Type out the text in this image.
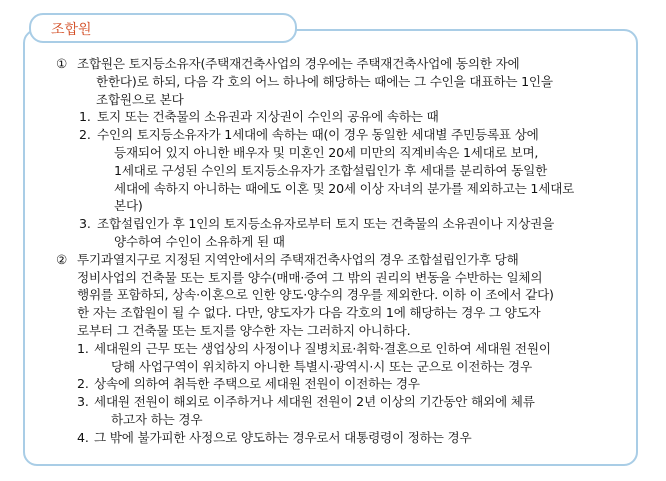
조합원
① 조합원은 토지등소유자(주택재건축사업의 경우에는 주택재건축사업에 동의한 자에
한한다)로 하되, 다음 각 호의 어느 하나에 해당하는 때에는 그 수인을 대표하는 1인을
조합원으로 본다
1. 토지 또는 건축물의 소유권과 지상권이 수인의 공유에 속하는 때
2. 수인의 토지등소유자가 1세대에 속하는 때(이 경우 동일한 세대별 주민등록표 상에
등재되어 있지 아니한 배우자 및 미혼인 20세 미만의 직계비속은 1세대로 보며,
1세대로 구성된 수인의 토지등소유자가 조합설립인가 후 세대를 분리하여 동일한
세대에 속하지 아니하는 때에도 이혼 및 20세 이상 자녀의 분가를 제외하고는 1세대로
본다)
3. 조합설립인가 후 1인의 토지등소유자로부터 토지 또는 건축물의 소유권이나 지상권을
양수하여 수인이 소유하게 된 때
② 투기과열지구로 지정된 지역안에서의 주택재건축사업의 경우 조합설립인가후 당해
정비사업의 건축물 또는 토지를 양수(매매·증여 그 밖의 권리의 변동을 수반하는 일체의
행위를 포함하되, 상속·이혼으로 인한 양도·양수의 경우를 제외한다. 이하 이 조에서 같다)
한 자는 조합원이 될 수 없다. 다만, 양도자가 다음 각호의 1에 해당하는 경우 그 양도자
로부터 그 건축물 또는 토지를 양수한 자는 그러하지 아니하다.
1. 세대원의 근무 또는 생업상의 사정이나 질병치료·취학·결혼으로 인하여 세대원 전원이
당해 사업구역이 위치하지 아니한 특별시·광역시·시 또는 군으로 이전하는 경우
2. 상속에 의하여 취득한 주택으로 세대원 전원이 이전하는 경우
3. 세대원 전원이 해외로 이주하거나 세대원 전원이 2년 이상의 기간동안 해외에 체류
하고자 하는 경우
4. 그 밖에 불가피한 사정으로 양도하는 경우로서 대통령령이 정하는 경우
